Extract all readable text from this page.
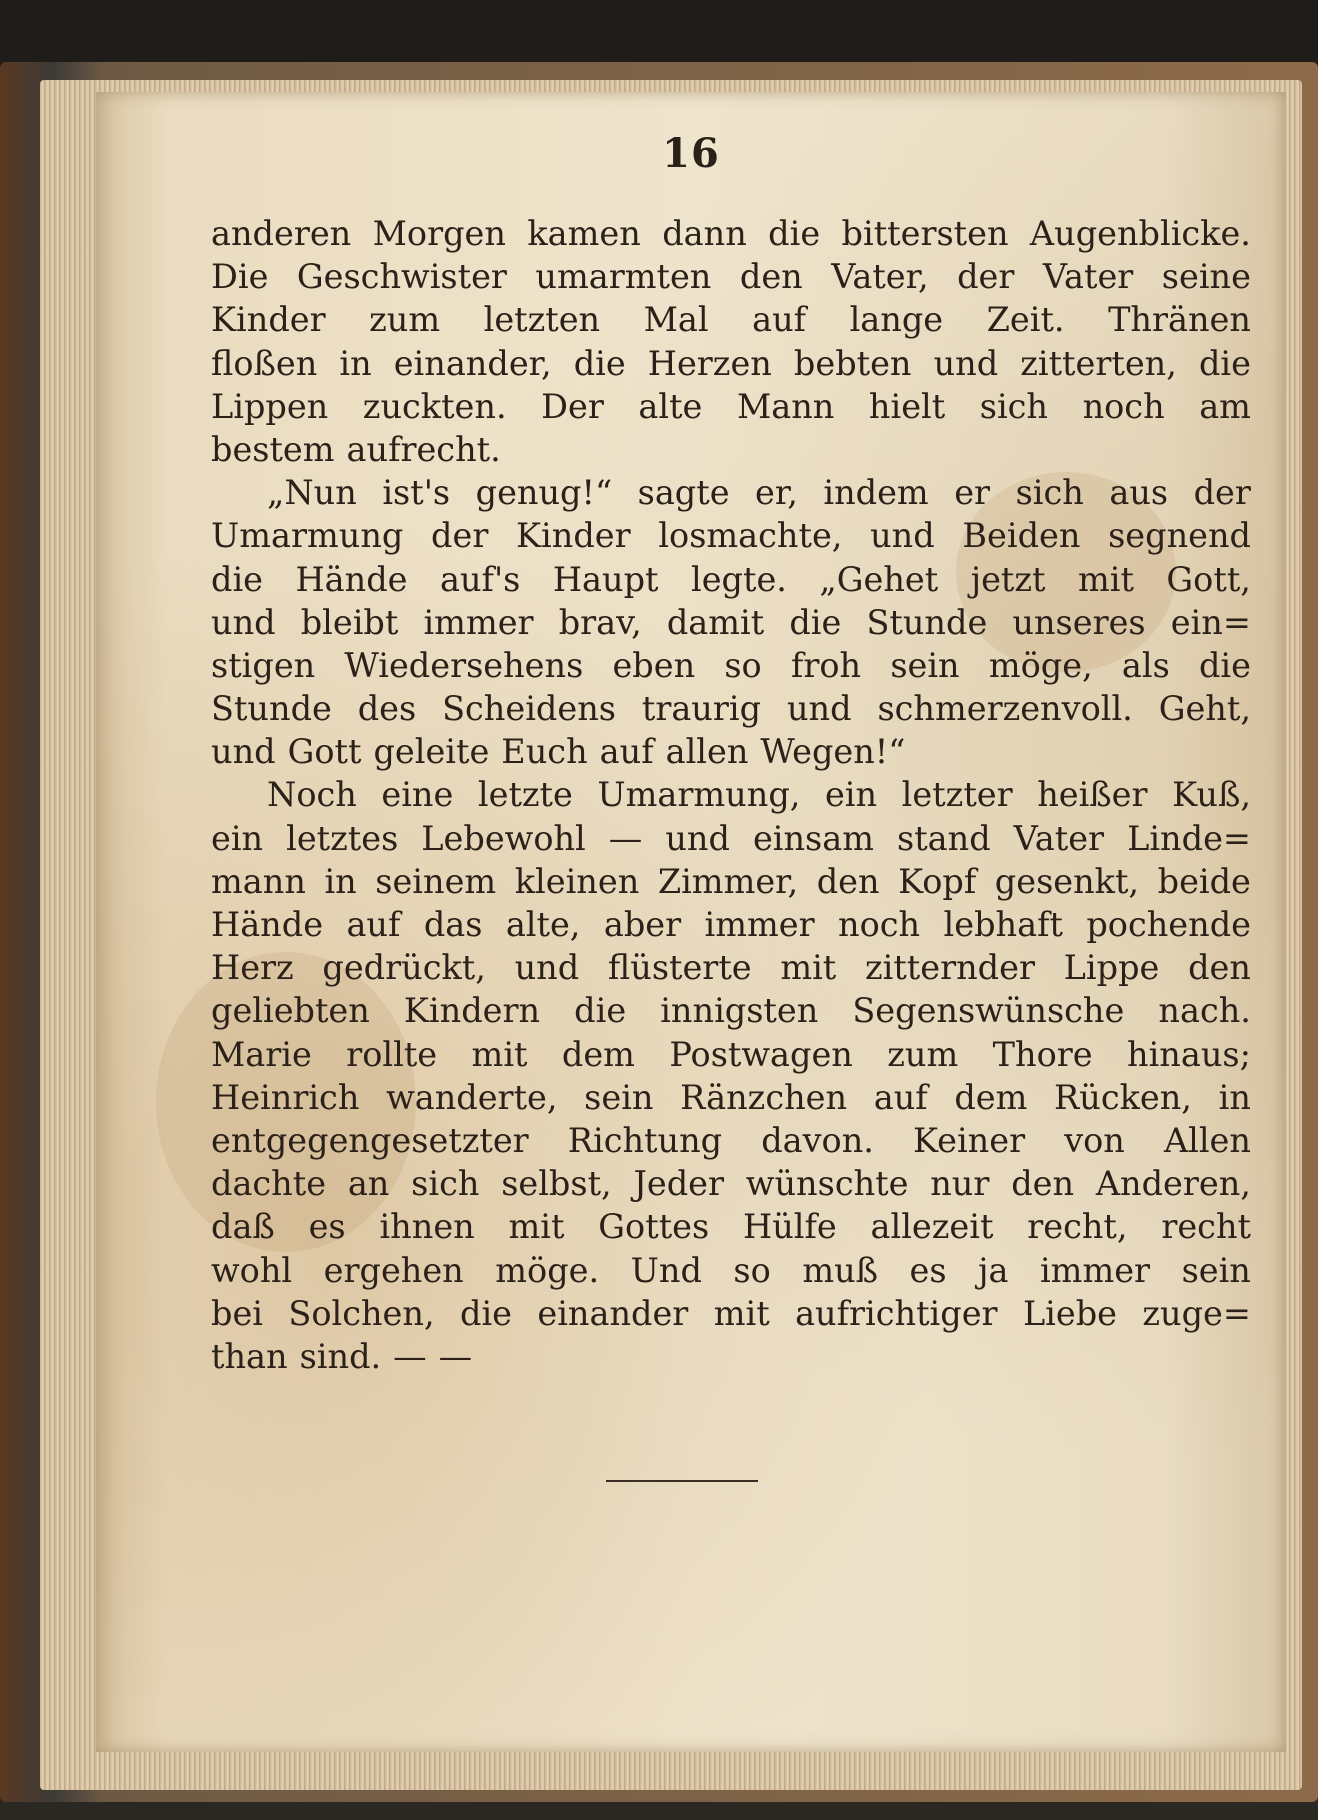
16
anderen Morgen kamen dann die bittersten Augenblicke.
Die Geschwister umarmten den Vater, der Vater seine
Kinder zum letzten Mal auf lange Zeit. Thränen
floßen in einander, die Herzen bebten und zitterten, die
Lippen zuckten. Der alte Mann hielt sich noch am
bestem aufrecht.
„Nun ist's genug!“ sagte er, indem er sich aus der
Umarmung der Kinder losmachte, und Beiden segnend
die Hände auf's Haupt legte. „Gehet jetzt mit Gott,
und bleibt immer brav, damit die Stunde unseres ein=
stigen Wiedersehens eben so froh sein möge, als die
Stunde des Scheidens traurig und schmerzenvoll. Geht,
und Gott geleite Euch auf allen Wegen!“
Noch eine letzte Umarmung, ein letzter heißer Kuß,
ein letztes Lebewohl — und einsam stand Vater Linde=
mann in seinem kleinen Zimmer, den Kopf gesenkt, beide
Hände auf das alte, aber immer noch lebhaft pochende
Herz gedrückt, und flüsterte mit zitternder Lippe den
geliebten Kindern die innigsten Segenswünsche nach.
Marie rollte mit dem Postwagen zum Thore hinaus;
Heinrich wanderte, sein Ränzchen auf dem Rücken, in
entgegengesetzter Richtung davon. Keiner von Allen
dachte an sich selbst, Jeder wünschte nur den Anderen,
daß es ihnen mit Gottes Hülfe allezeit recht, recht
wohl ergehen möge. Und so muß es ja immer sein
bei Solchen, die einander mit aufrichtiger Liebe zuge=
than sind. — —
